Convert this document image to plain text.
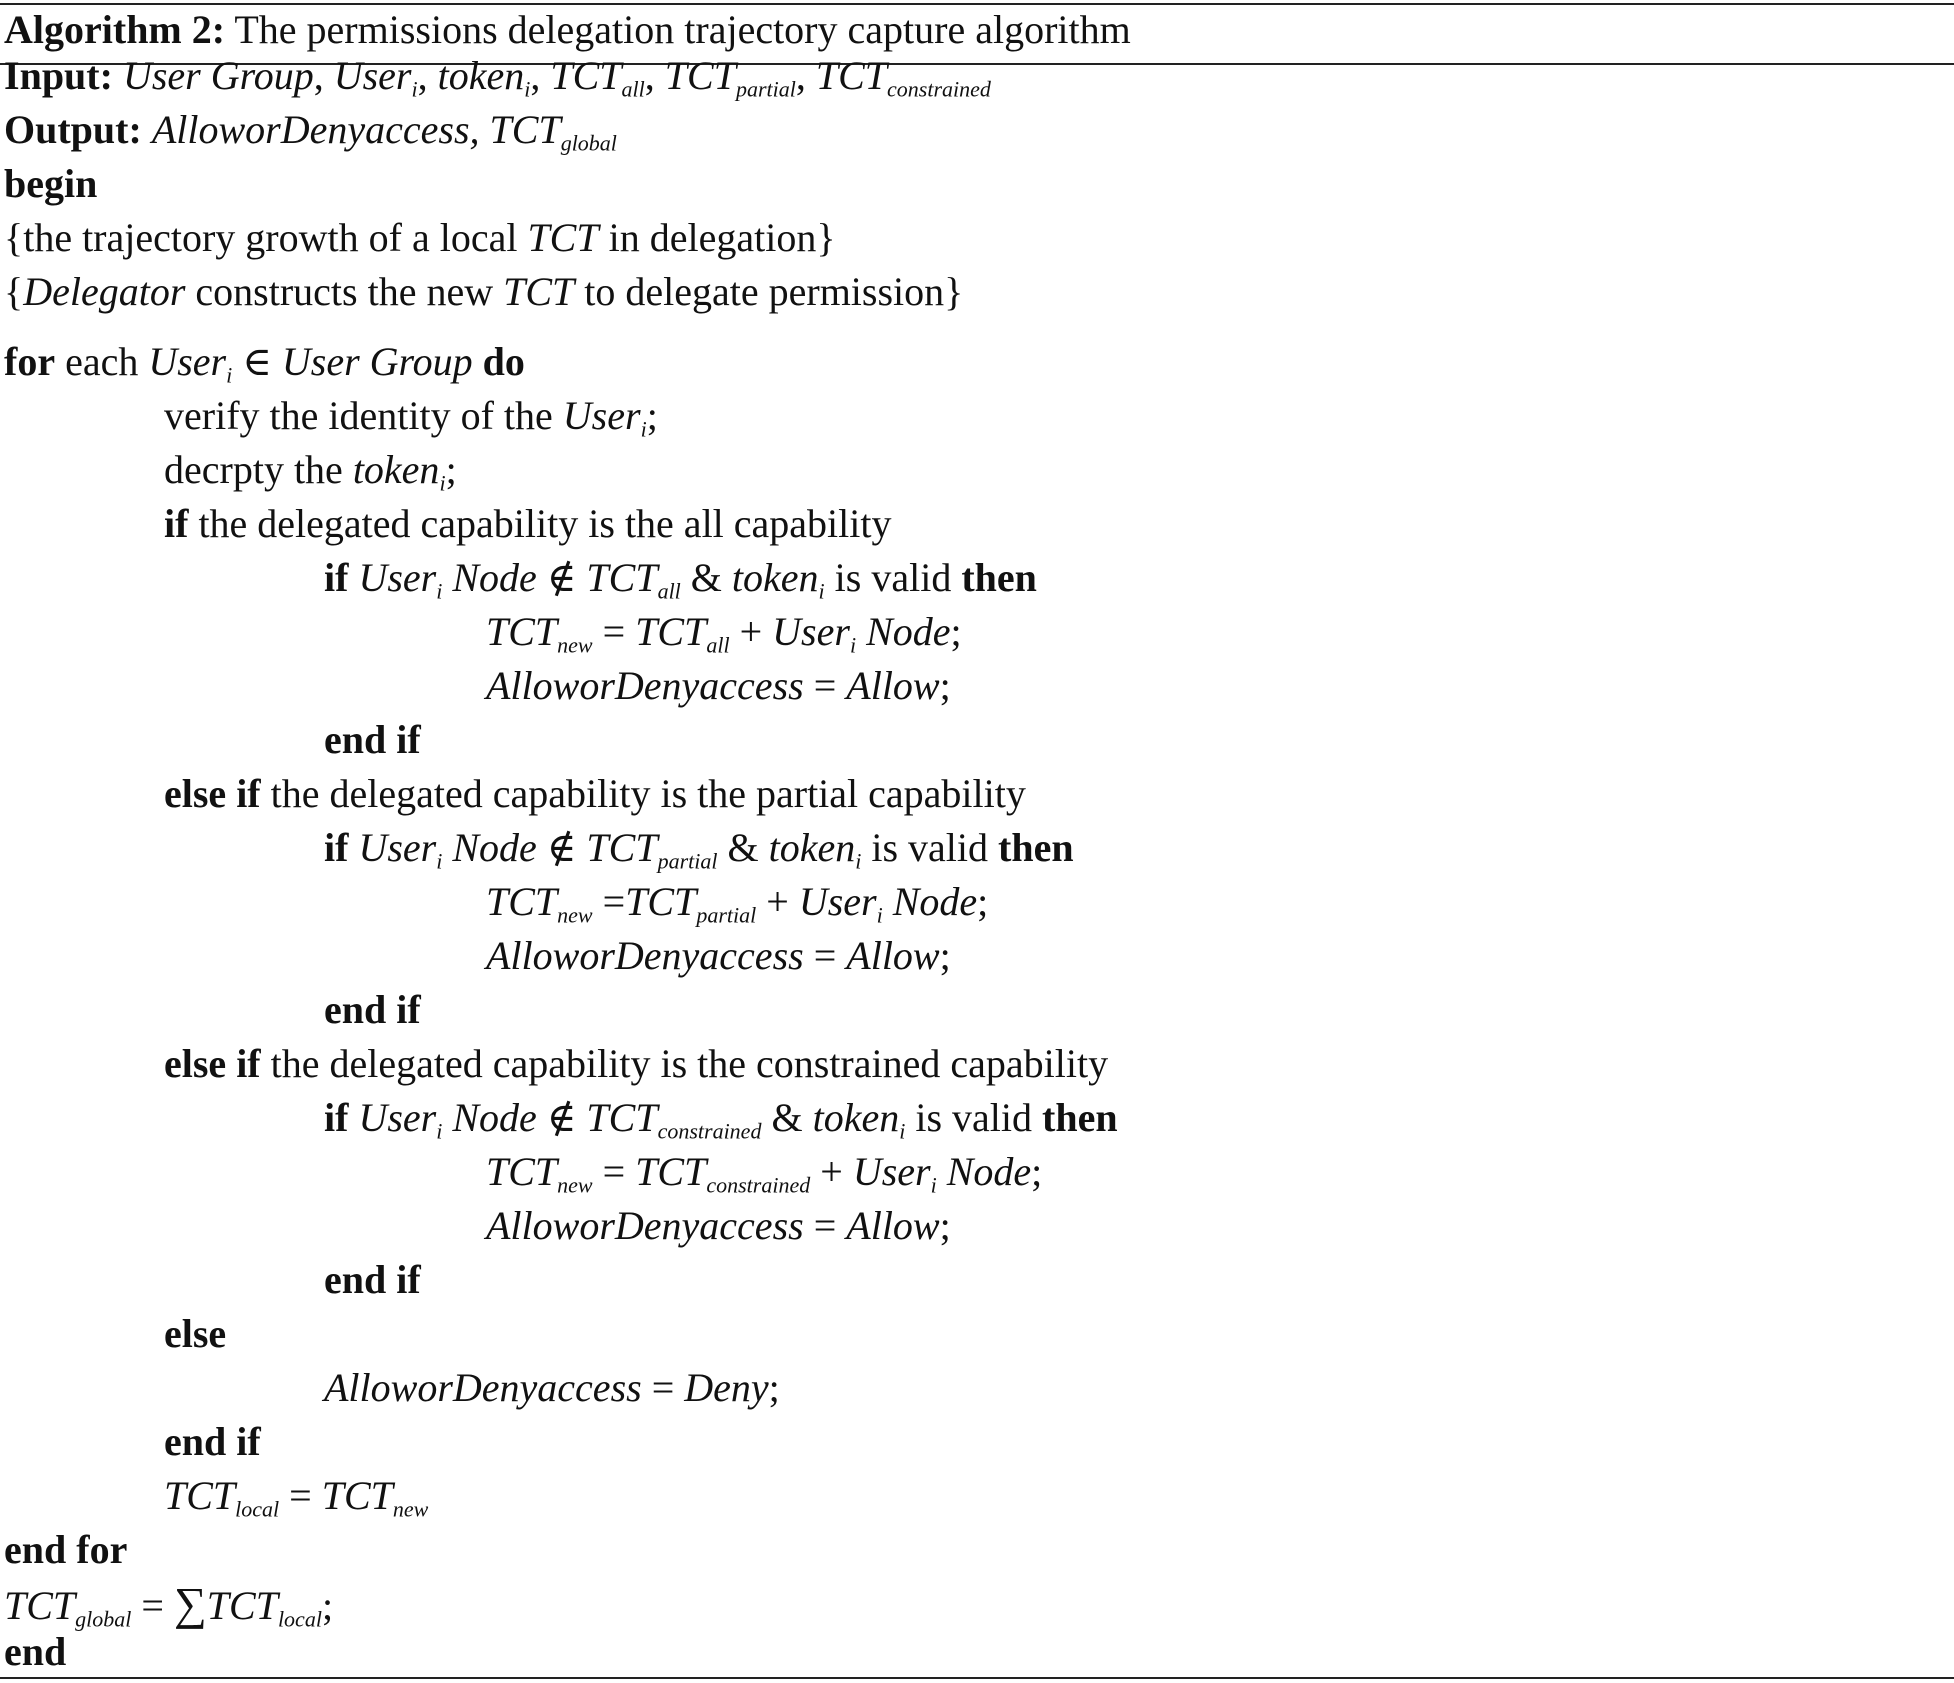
Algorithm 2: The permissions delegation trajectory capture algorithm
Input: User Group, User$_i$, token$_i$, $TCT_{all}$, $TCT_{partial}$, $TCT_{constrained}$
Output: AlloworDenyaccess, $TCT_{global}$
begin
{the trajectory growth of a local TCT in delegation}
{Delegator constructs the new TCT to delegate permission}
for each User$_i$ ∈ User Group do
verify the identity of the User$_i$;
decrpty the token$_i$;
if the delegated capability is the all capability
if User$_i$ Node ∉ $TCT_{all}$ & token$_i$ is valid then
$TCT_{new} = TCT_{all}$ + User$_i$ Node;
AlloworDenyaccess = Allow;
end if
else if the delegated capability is the partial capability
if User$_i$ Node ∉ $TCT_{partial}$ & token$_i$ is valid then
$TCT_{new} =TCT_{partial}$ + User$_i$ Node;
AlloworDenyaccess = Allow;
end if
else if the delegated capability is the constrained capability
if User$_i$ Node ∉ $TCT_{constrained}$ & token$_i$ is valid then
$TCT_{new} = TCT_{constrained}$ + User$_i$ Node;
AlloworDenyaccess = Allow;
end if
else
AlloworDenyaccess = Deny;
end if
$TCT_{local} = TCT_{new}$
end for
$TCT_{global} = \sum TCT_{local}$;
end
